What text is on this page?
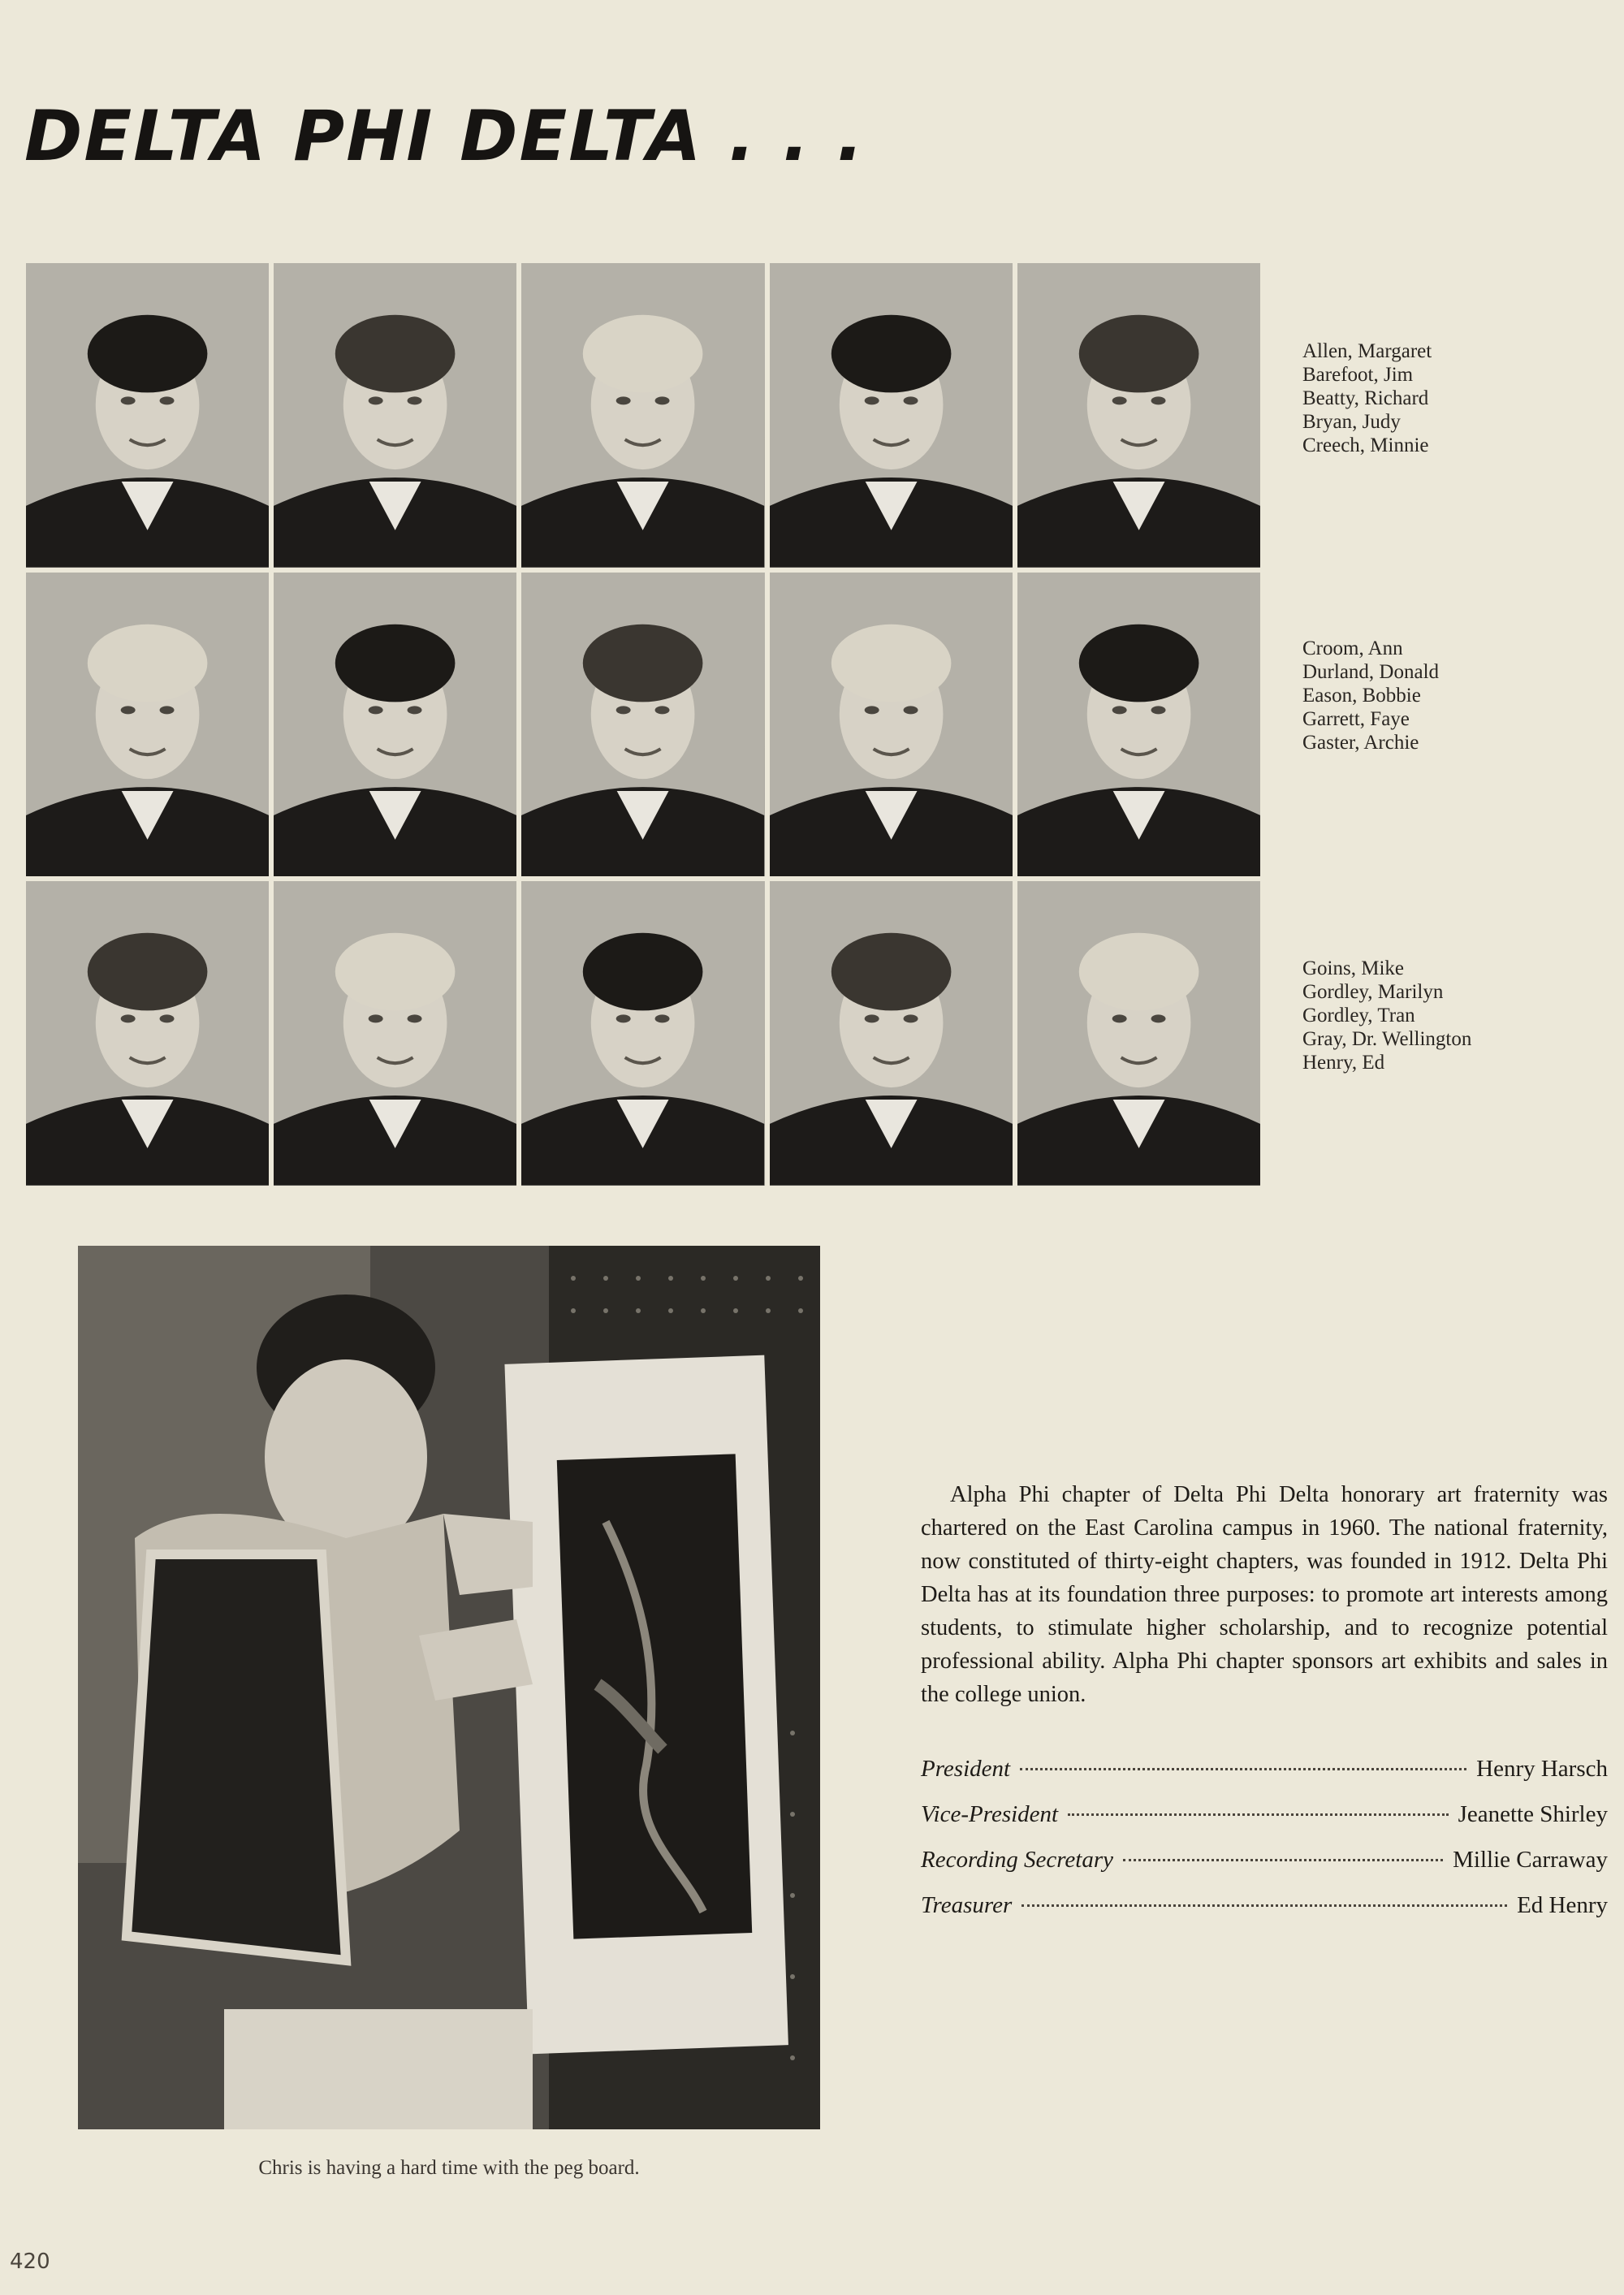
DELTA PHI DELTA . . .
Allen, Margaret
Barefoot, Jim
Beatty, Richard
Bryan, Judy
Creech, Minnie
Croom, Ann
Durland, Donald
Eason, Bobbie
Garrett, Faye
Gaster, Archie
Goins, Mike
Gordley, Marilyn
Gordley, Tran
Gray, Dr. Wellington
Henry, Ed
Chris is having a hard time with the peg board.

Alpha Phi chapter of Delta Phi Delta honorary art fraternity was chartered on the East Carolina campus in 1960. The national fraternity, now constituted of thirty-eight chapters, was founded in 1912. Delta Phi Delta has at its foundation three purposes: to promote art interests among students, to stimulate higher scholarship, and to recognize potential professional ability. Alpha Phi chapter sponsors art exhibits and sales in the college union.

President	Henry Harsch
Vice-President	Jeanette Shirley
Recording Secretary	Millie Carraway
Treasurer	Ed Henry
420
